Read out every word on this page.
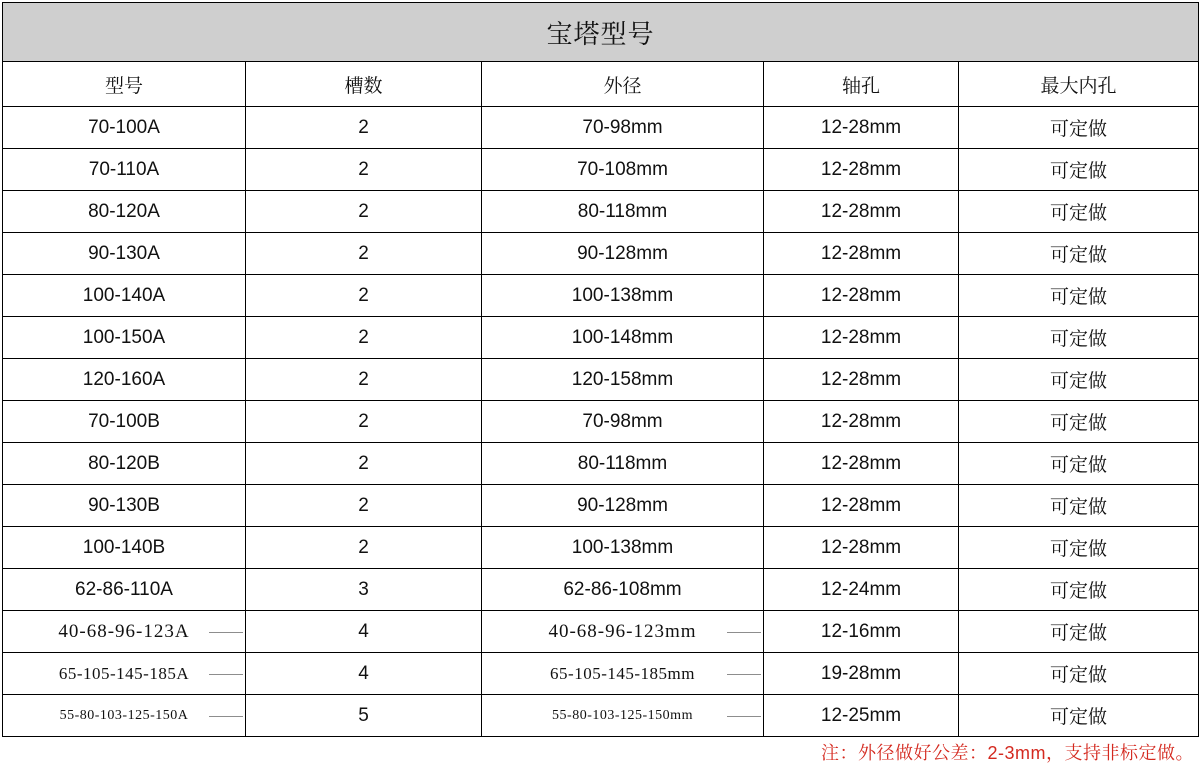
宝塔型号				
型号	槽数	外径	轴孔	最大内孔
70-100A	2	70-98mm	12-28mm	可定做
70-110A	2	70-108mm	12-28mm	可定做
80-120A	2	80-118mm	12-28mm	可定做
90-130A	2	90-128mm	12-28mm	可定做
100-140A	2	100-138mm	12-28mm	可定做
100-150A	2	100-148mm	12-28mm	可定做
120-160A	2	120-158mm	12-28mm	可定做
70-100B	2	70-98mm	12-28mm	可定做
80-120B	2	80-118mm	12-28mm	可定做
90-130B	2	90-128mm	12-28mm	可定做
100-140B	2	100-138mm	12-28mm	可定做
62-86-110A	3	62-86-108mm	12-24mm	可定做
40-68-96-123A	4	40-68-96-123mm	12-16mm	可定做
65-105-145-185A	4	65-105-145-185mm	19-28mm	可定做
55-80-103-125-150A	5	55-80-103-125-150mm	12-25mm	可定做
注：外径做好公差：2-3mm，支持非标定做。
